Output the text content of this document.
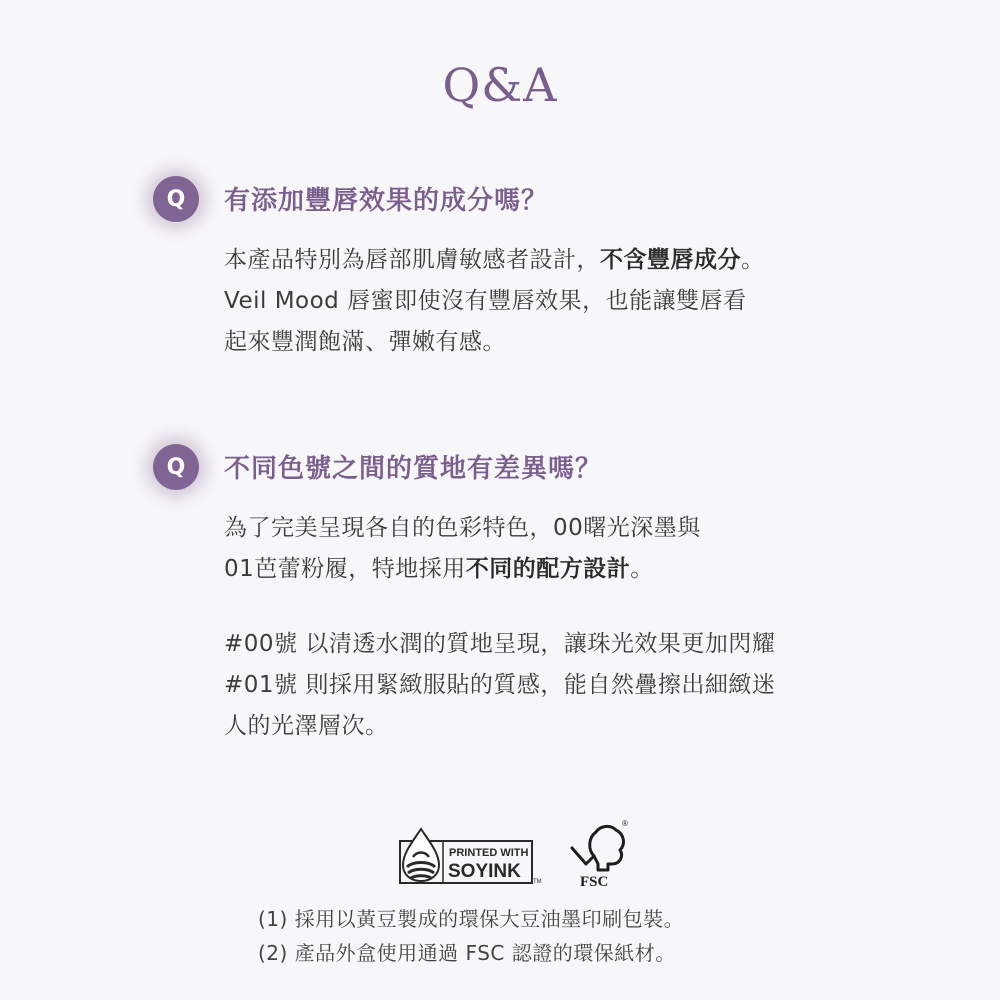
Q&A
Q	有添加豐唇效果的成分嗎？
本產品特別為唇部肌膚敏感者設計，不含豐唇成分。
Veil Mood 唇蜜即使沒有豐唇效果，也能讓雙唇看
起來豐潤飽滿、彈嫩有感。
Q	不同色號之間的質地有差異嗎？
為了完美呈現各自的色彩特色，00曙光深墨與
01芭蕾粉履，特地採用不同的配方設計。
#00號 以清透水潤的質地呈現，讓珠光效果更加閃耀
#01號 則採用緊緻服貼的質感，能自然疊擦出細緻迷
人的光澤層次。
PRINTED WITH
SOYINK TM
®
FSC
(1) 採用以黃豆製成的環保大豆油墨印刷包裝。
(2) 產品外盒使用通過 FSC 認證的環保紙材。
